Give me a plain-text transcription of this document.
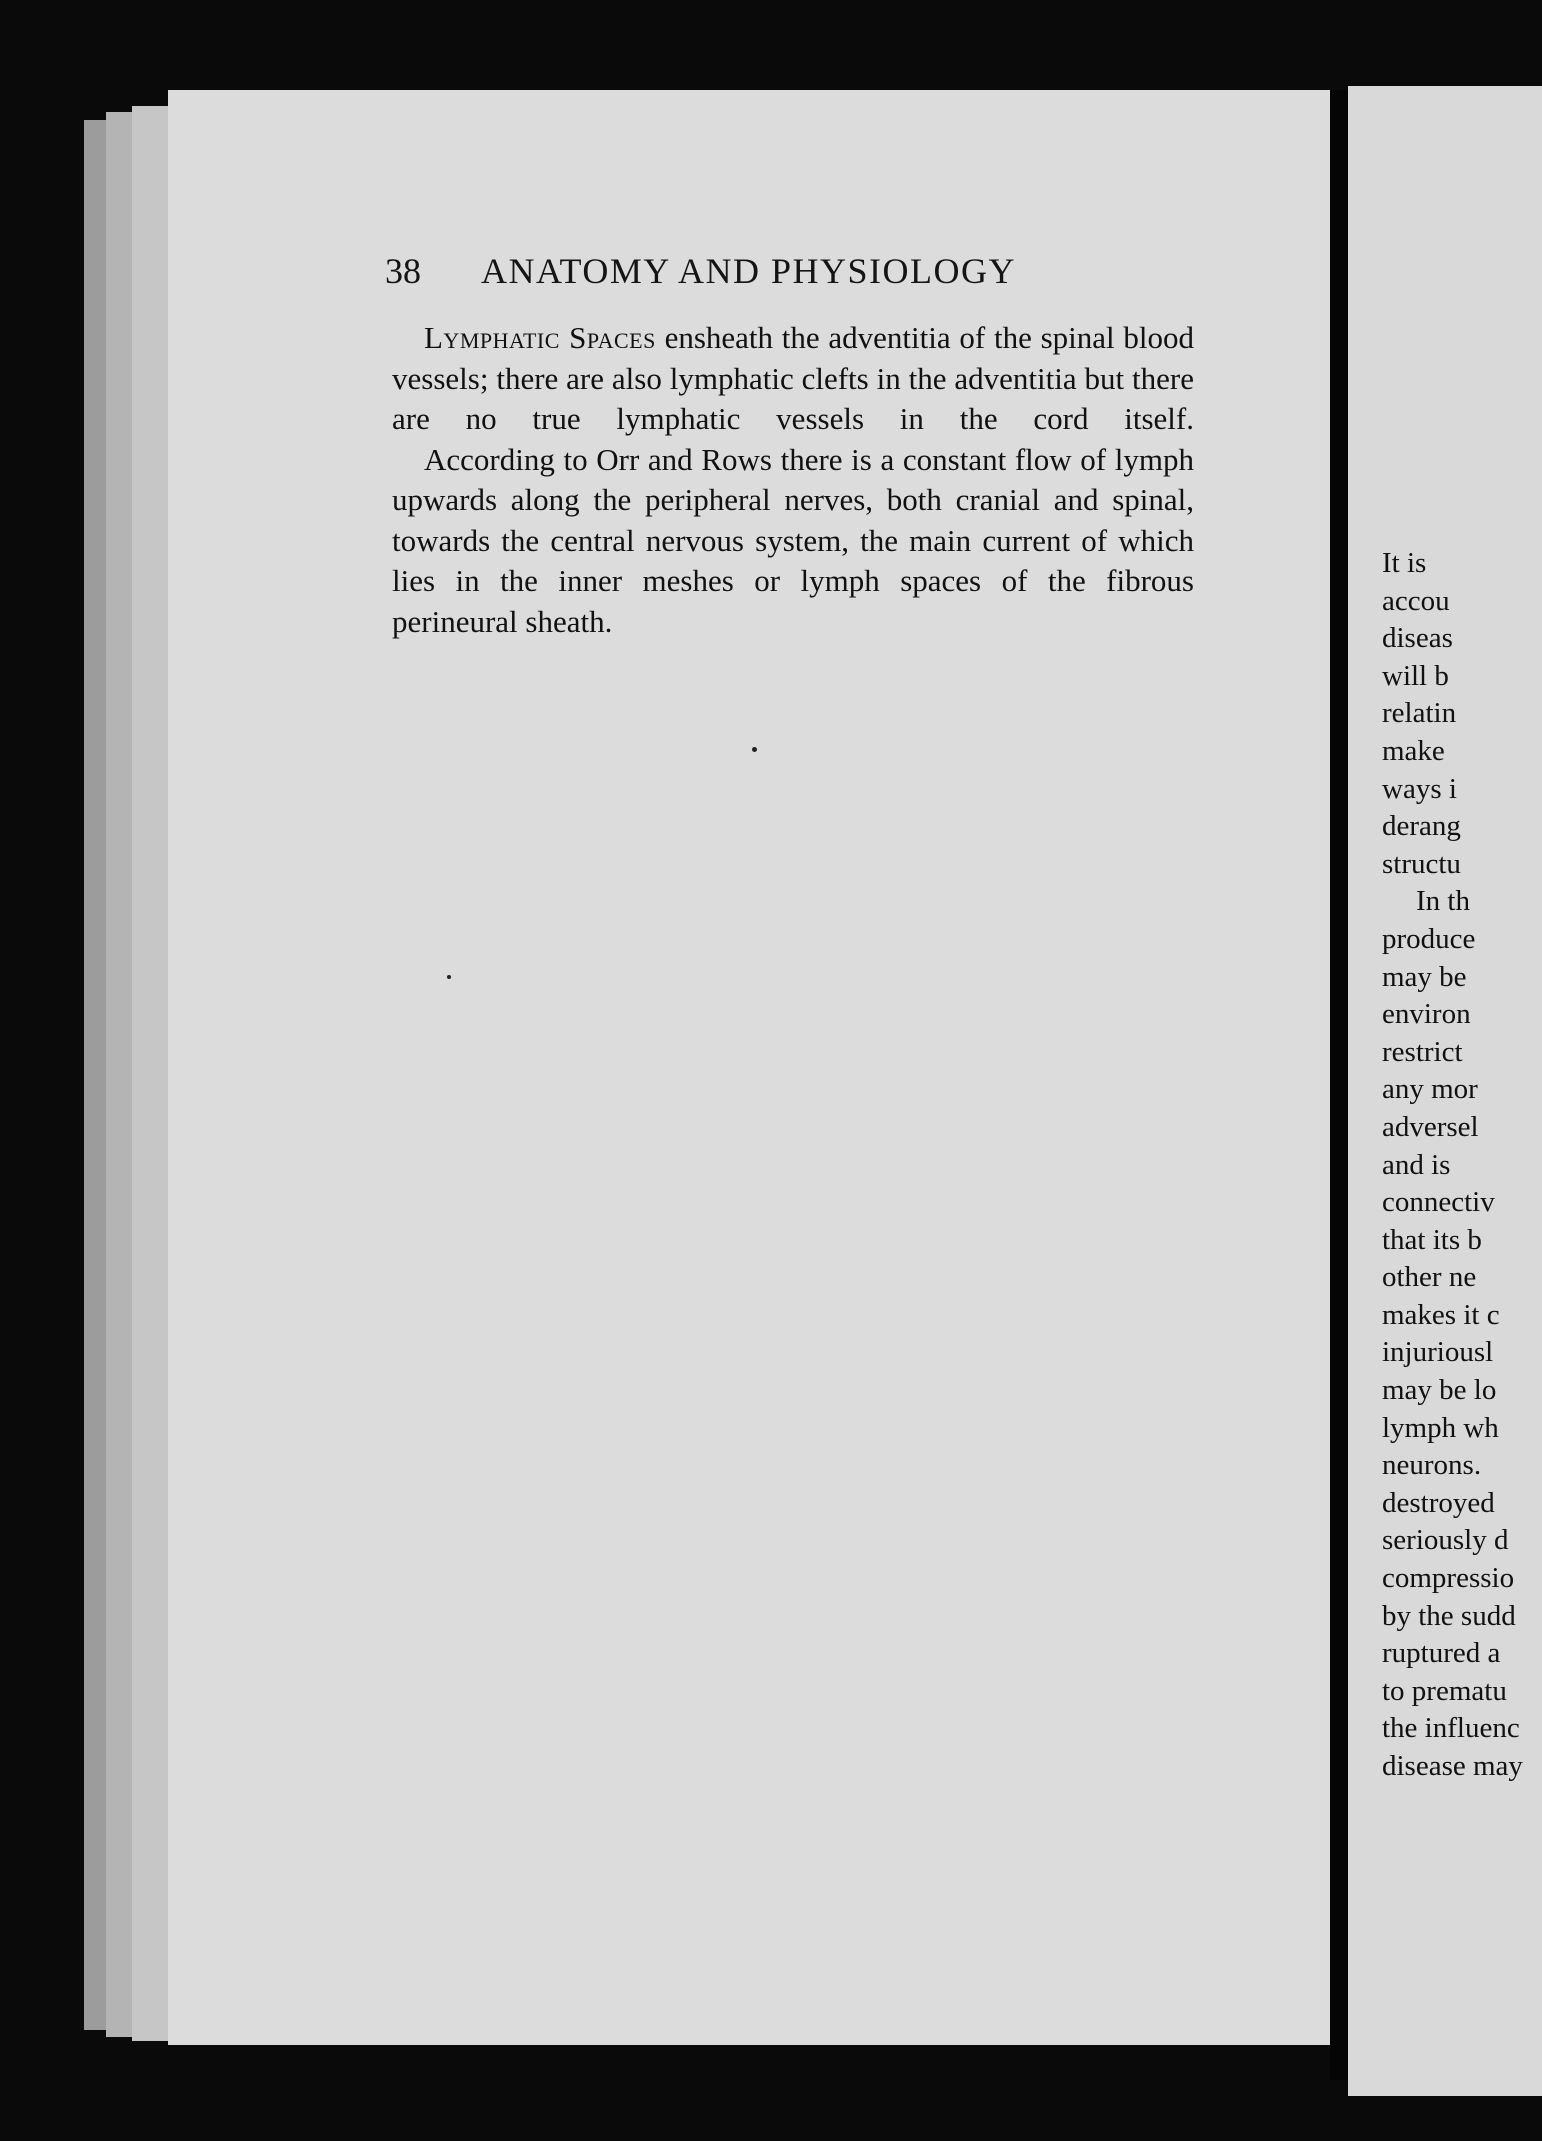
38 ANATOMY AND PHYSIOLOGY

Lymphatic Spaces ensheath the adventitia of the spinal blood vessels; there are also lymphatic clefts in the adventitia but there are no true lymphatic vessels in the cord itself.

According to Orr and Rows there is a constant flow of lymph upwards along the peripheral nerves, both cranial and spinal, towards the central nervous system, the main current of which lies in the inner meshes or lymph spaces of the fibrous perineural sheath.

It is
accou
diseas
will b
relatin
make
ways i
derang
structu
In th
produce
may be
environ
restrict
any mor
adversel
and is
connectiv
that its b
other ne
makes it c
injuriousl
may be lo
lymph wh
neurons.
destroyed
seriously d
compressio
by the sudd
ruptured a
to prematu
the influenc
disease may
